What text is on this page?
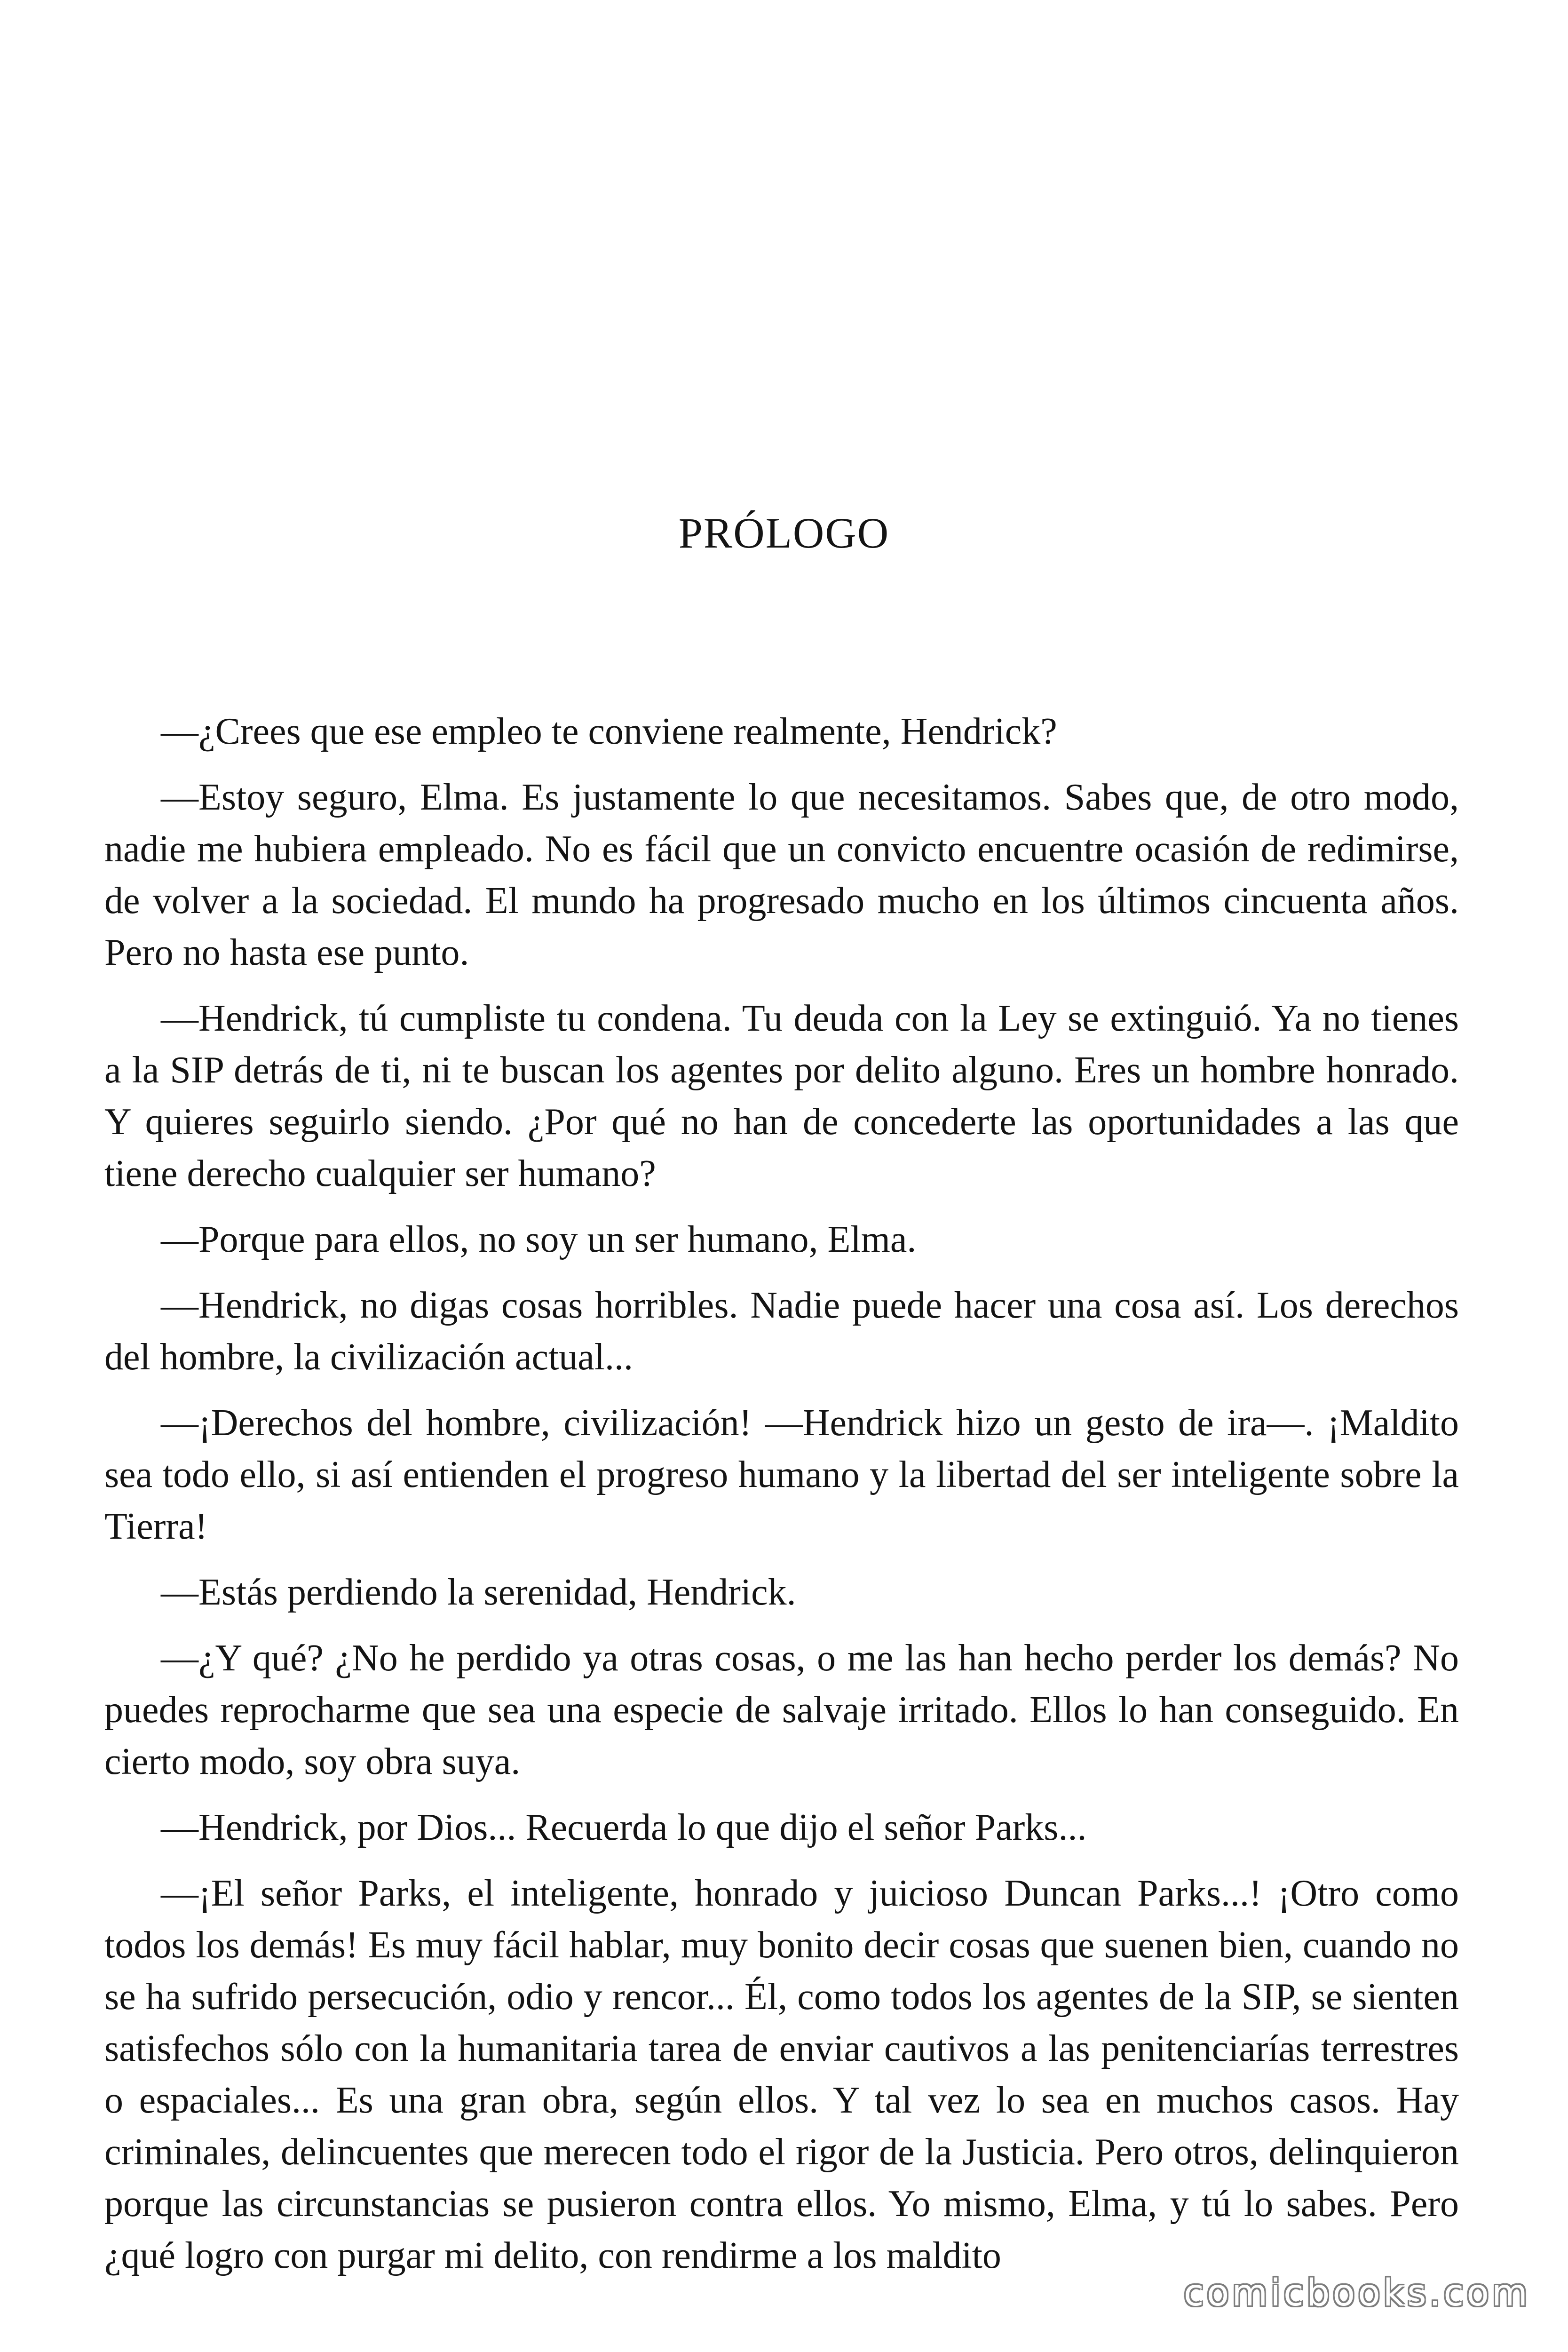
PRÓLOGO

—¿Crees que ese empleo te conviene realmente, Hendrick?

—Estoy seguro, Elma. Es justamente lo que necesitamos. Sabes que, de otro modo, nadie me hubiera empleado. No es fácil que un convicto encuentre ocasión de redimirse, de volver a la sociedad. El mundo ha progresado mucho en los últimos cincuenta años. Pero no hasta ese punto.

—Hendrick, tú cumpliste tu condena. Tu deuda con la Ley se extinguió. Ya no tienes a la SIP detrás de ti, ni te buscan los agentes por delito alguno. Eres un hombre honrado. Y quieres seguirlo siendo. ¿Por qué no han de concederte las oportunidades a las que tiene derecho cualquier ser humano?

—Porque para ellos, no soy un ser humano, Elma.

—Hendrick, no digas cosas horribles. Nadie puede hacer una cosa así. Los derechos del hombre, la civilización actual...

—¡Derechos del hombre, civilización! —Hendrick hizo un gesto de ira—. ¡Maldito sea todo ello, si así entienden el progreso humano y la libertad del ser inteligente sobre la Tierra!

—Estás perdiendo la serenidad, Hendrick.

—¿Y qué? ¿No he perdido ya otras cosas, o me las han hecho perder los demás? No puedes reprocharme que sea una especie de salvaje irritado. Ellos lo han conseguido. En cierto modo, soy obra suya.

—Hendrick, por Dios... Recuerda lo que dijo el señor Parks...

—¡El señor Parks, el inteligente, honrado y juicioso Duncan Parks...! ¡Otro como todos los demás! Es muy fácil hablar, muy bonito decir cosas que suenen bien, cuando no se ha sufrido persecución, odio y rencor... Él, como todos los agentes de la SIP, se sienten satisfechos sólo con la humanitaria tarea de enviar cautivos a las penitenciarías terrestres o espaciales... Es una gran obra, según ellos. Y tal vez lo sea en muchos casos. Hay criminales, delincuentes que merecen todo el rigor de la Justicia. Pero otros, delinquieron porque las circunstancias se pusieron contra ellos. Yo mismo, Elma, y tú lo sabes. Pero ¿qué logro con purgar mi delito, con rendirme a los maldito

comicbooks.com
